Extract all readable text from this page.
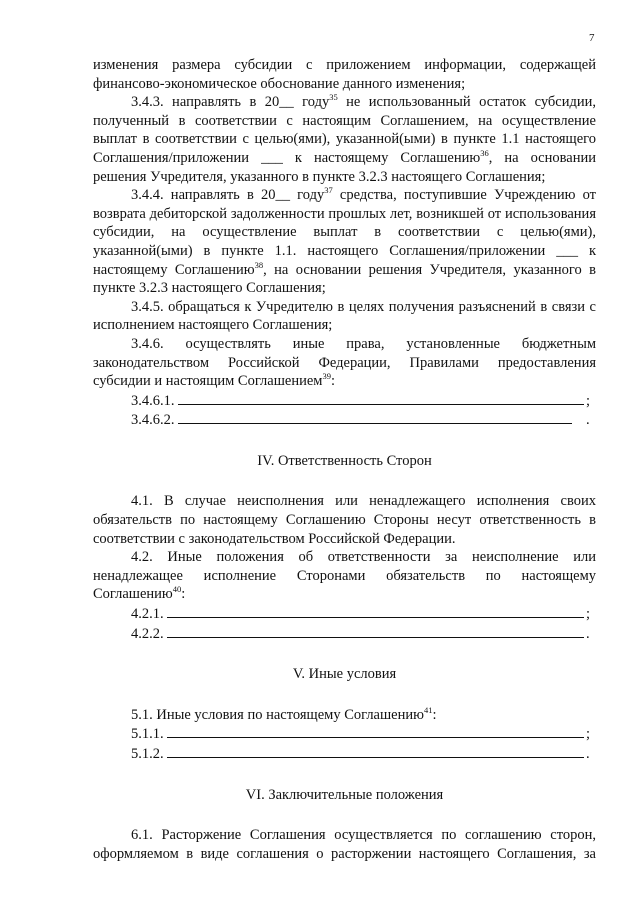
7

изменения размера субсидии с приложением информации, содержащей финансово-экономическое обоснование данного изменения;

3.4.3. направлять в 20__ году$^{35}$ не использованный остаток субсидии, полученный в соответствии с настоящим Соглашением, на осуществление выплат в соответствии с целью(ями), указанной(ыми) в пункте 1.1 настоящего Соглашения/приложении ___ к настоящему Соглашению$^{36}$, на основании решения Учредителя, указанного в пункте 3.2.3 настоящего Соглашения;

3.4.4. направлять в 20__ году$^{37}$ средства, поступившие Учреждению от возврата дебиторской задолженности прошлых лет, возникшей от использования субсидии, на осуществление выплат в соответствии с целью(ями), указанной(ыми) в пункте 1.1. настоящего Соглашения/приложении ___ к настоящему Соглашению$^{38}$, на основании решения Учредителя, указанного в пункте 3.2.3 настоящего Соглашения;

3.4.5. обращаться к Учредителю в целях получения разъяснений в связи с исполнением настоящего Соглашения;

3.4.6. осуществлять иные права, установленные бюджетным законодательством Российской Федерации, Правилами предоставления субсидии и настоящим Соглашением$^{39}$:

3.4.6.1.	;
3.4.6.2.	.

IV. Ответственность Сторон

4.1. В случае неисполнения или ненадлежащего исполнения своих обязательств по настоящему Соглашению Стороны несут ответственность в соответствии с законодательством Российской Федерации.

4.2. Иные положения об ответственности за неисполнение или ненадлежащее исполнение Сторонами обязательств по настоящему Соглашению$^{40}$:

4.2.1.	;
4.2.2.	.

V. Иные условия

5.1. Иные условия по настоящему Соглашению$^{41}$:

5.1.1.	;
5.1.2.	.

VI. Заключительные положения

6.1. Расторжение Соглашения осуществляется по соглашению сторон, оформляемом в виде соглашения о расторжении настоящего Соглашения, за
